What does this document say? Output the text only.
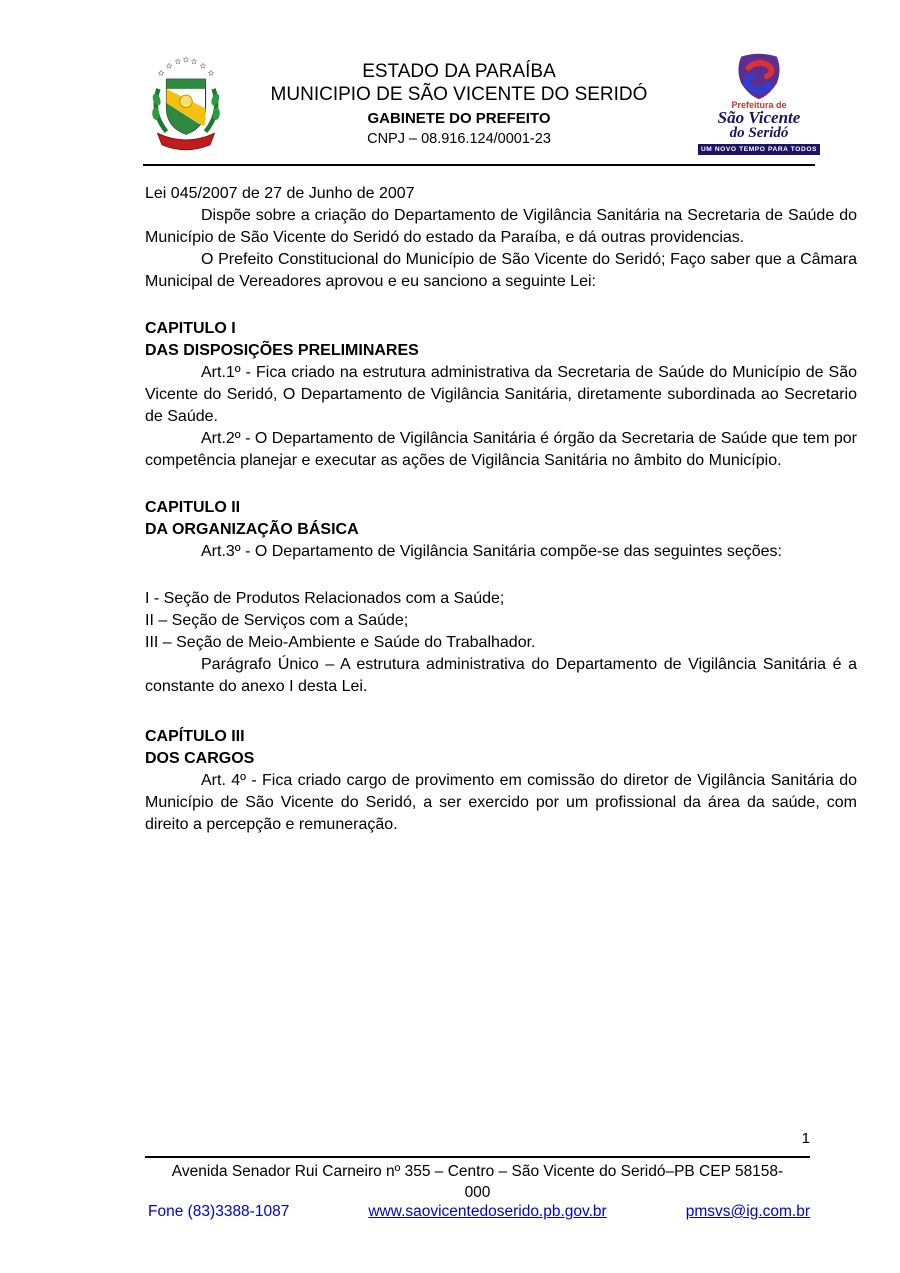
ESTADO DA PARAÍBA
MUNICIPIO DE SÃO VICENTE DO SERIDÓ
GABINETE DO PREFEITO
CNPJ – 08.916.124/0001-23
Prefeitura de
São Vicente
do Seridó
UM NOVO TEMPO PARA TODOS

Lei 045/2007 de 27 de Junho de 2007

Dispõe sobre a criação do Departamento de Vigilância Sanitária na Secretaria de Saúde do Município de São Vicente do Seridó do estado da Paraíba, e dá outras providencias.

O Prefeito Constitucional do Município de São Vicente do Seridó; Faço saber que a Câmara Municipal de Vereadores aprovou e eu sanciono a seguinte Lei:

CAPITULO I
DAS DISPOSIÇÕES PRELIMINARES

Art.1º - Fica criado na estrutura administrativa da Secretaria de Saúde do Município de São Vicente do Seridó, O Departamento de Vigilância Sanitária, diretamente subordinada ao Secretario de Saúde.

Art.2º - O Departamento de Vigilância Sanitária é órgão da Secretaria de Saúde que tem por competência planejar e executar as ações de Vigilância Sanitária no âmbito do Município.

CAPITULO II
DA ORGANIZAÇÃO BÁSICA

Art.3º - O Departamento de Vigilância Sanitária compõe-se das seguintes seções:

I - Seção de Produtos Relacionados com a Saúde;

II – Seção de Serviços com a Saúde;

III – Seção de Meio-Ambiente e Saúde do Trabalhador.

Parágrafo Único – A estrutura administrativa do Departamento de Vigilância Sanitária é a constante do anexo I desta Lei.

CAPÍTULO III
DOS CARGOS

Art. 4º - Fica criado cargo de provimento em comissão do diretor de Vigilância Sanitária do Município de São Vicente do Seridó, a ser exercido por um profissional da área da saúde, com direito a percepção e remuneração.

1
Avenida Senador Rui Carneiro nº 355 – Centro – São Vicente do Seridó–PB CEP 58158-
000
Fone (83)3388-1087	www.saovicentedoserido.pb.gov.br	pmsvs@ig.com.br
